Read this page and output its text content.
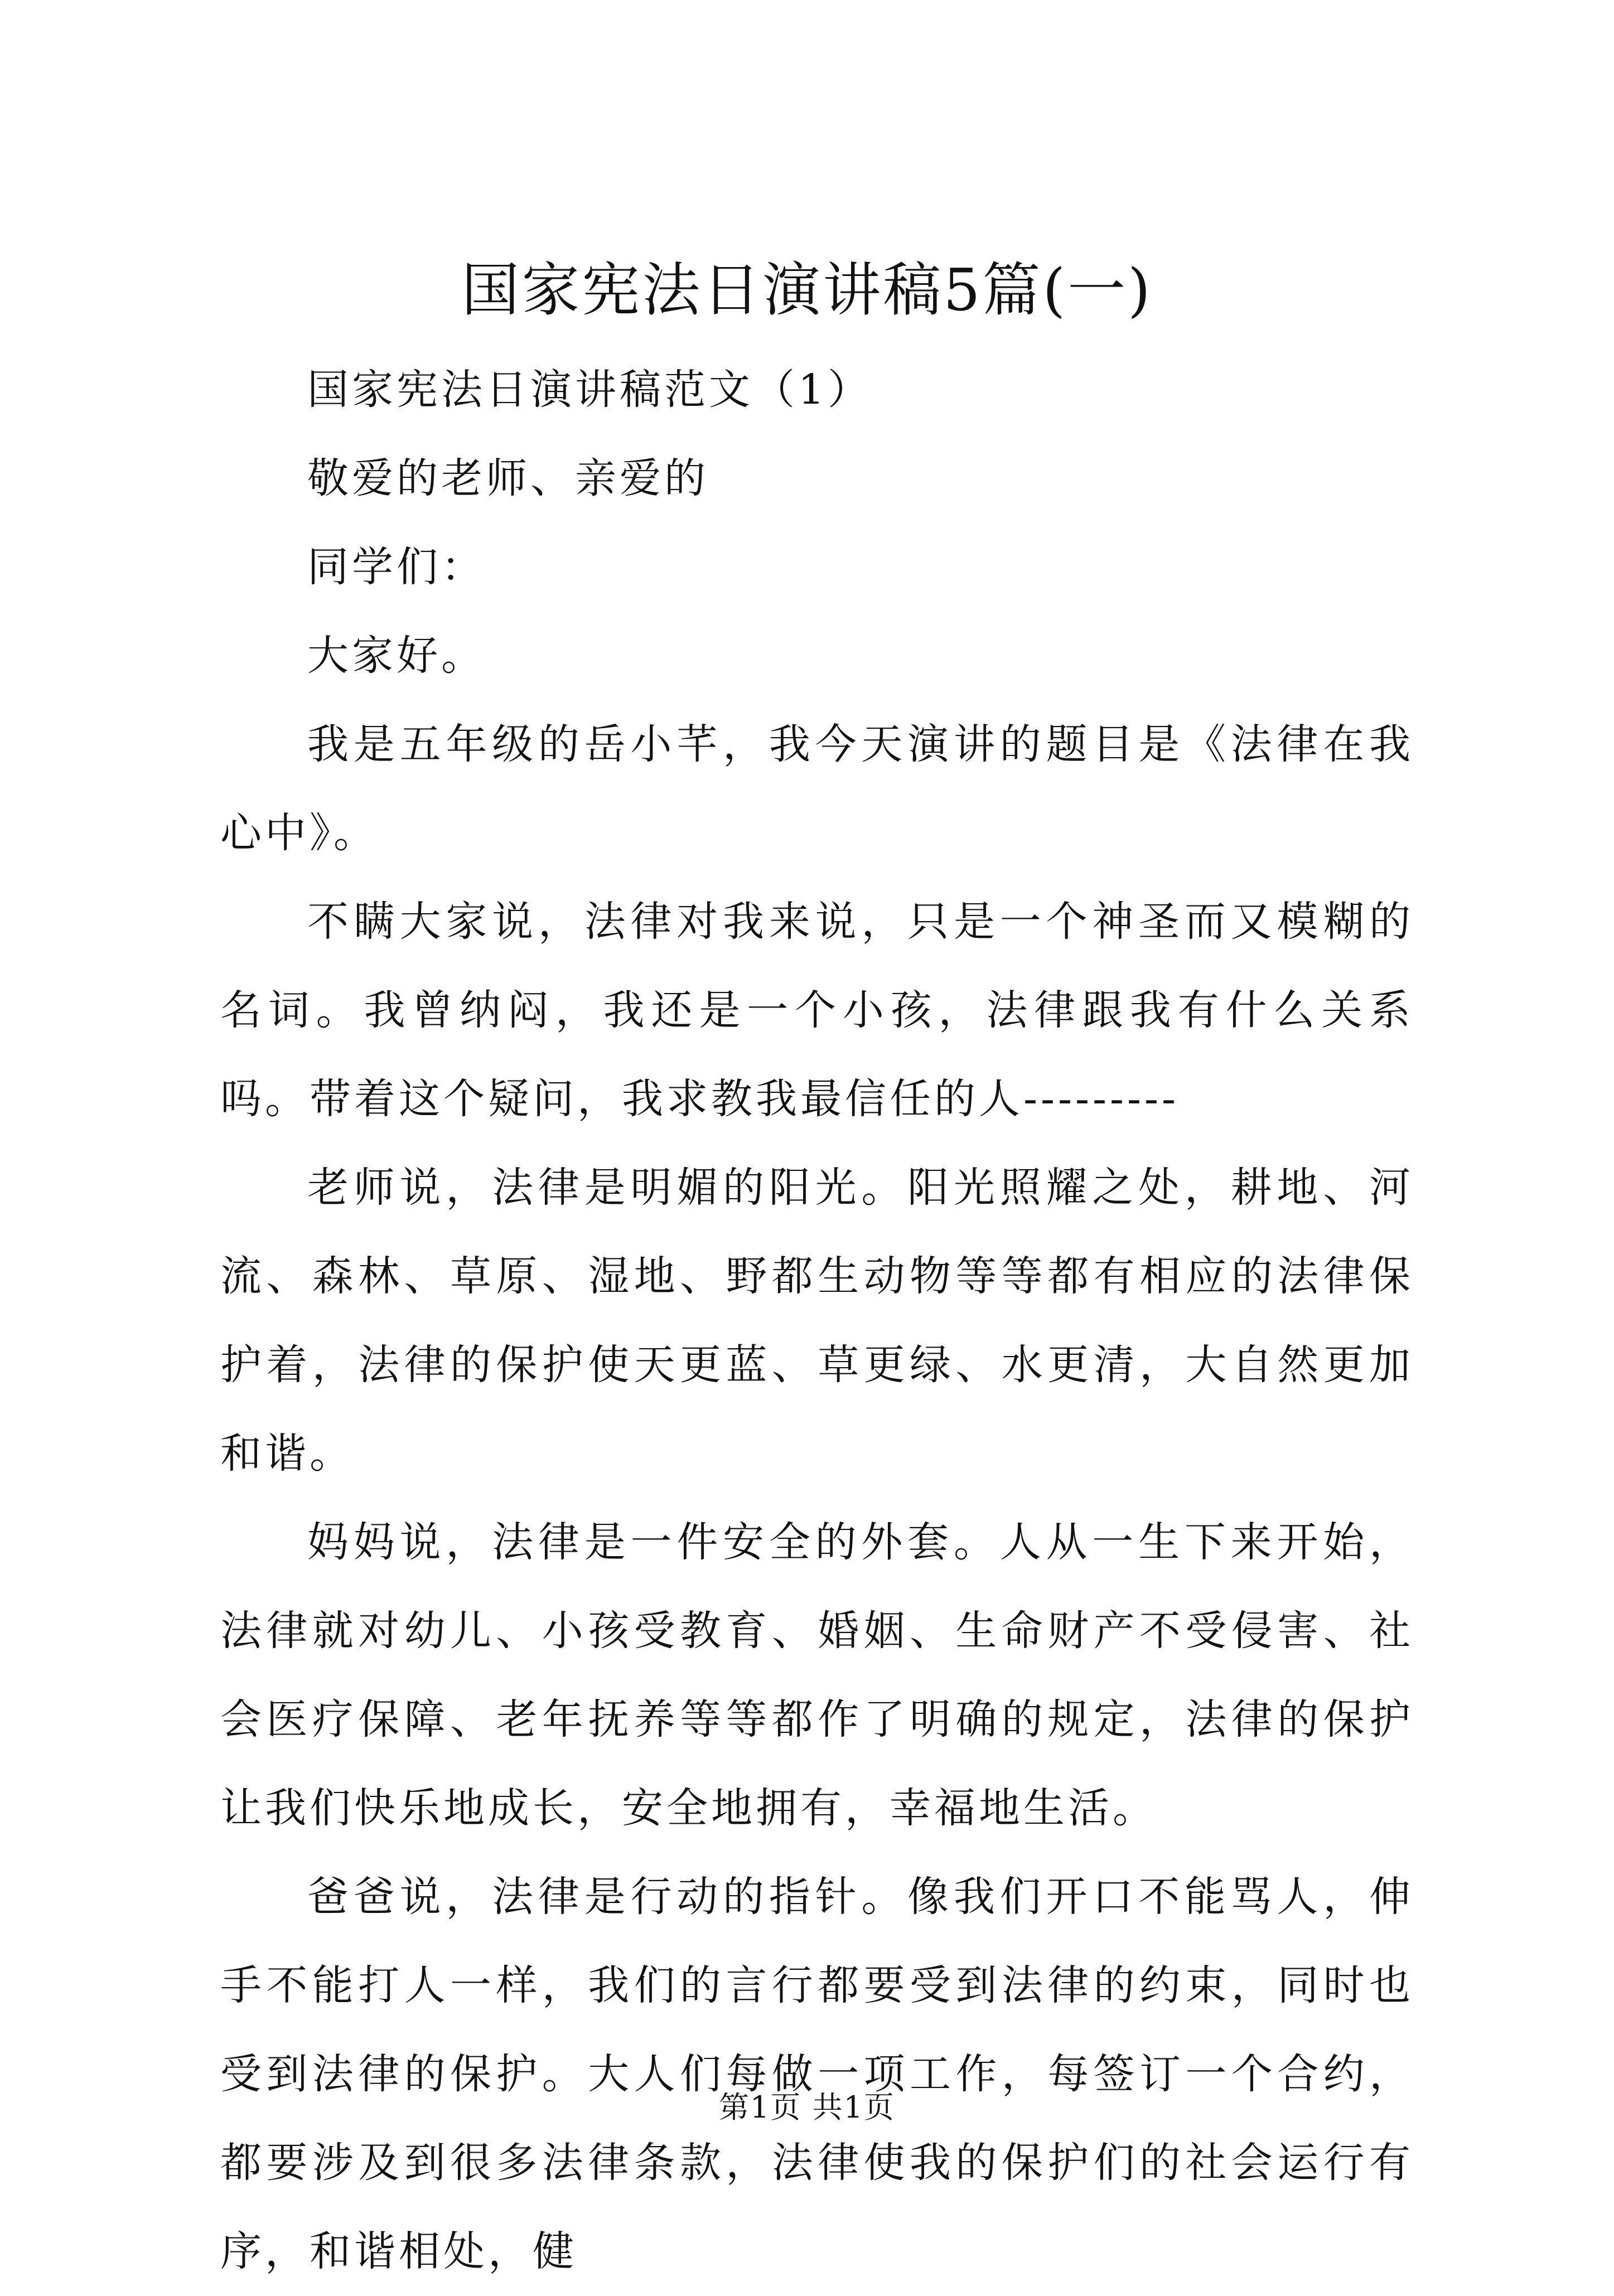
国家宪法日演讲稿5篇(一)

国家宪法日演讲稿范文（1）

敬爱的老师、亲爱的

同学们：

大家好。

我是五年级的岳小芊，我今天演讲的题目是《法律在我心中》。

不瞒大家说，法律对我来说，只是一个神圣而又模糊的名词。我曾纳闷，我还是一个小孩，法律跟我有什么关系吗。带着这个疑问，我求教我最信任的人---------

老师说，法律是明媚的阳光。阳光照耀之处，耕地、河流、森林、草原、湿地、野都生动物等等都有相应的法律保护着，法律的保护使天更蓝、草更绿、水更清，大自然更加和谐。

妈妈说，法律是一件安全的外套。人从一生下来开始，法律就对幼儿、小孩受教育、婚姻、生命财产不受侵害、社会医疗保障、老年抚养等等都作了明确的规定，法律的保护让我们快乐地成长，安全地拥有，幸福地生活。

爸爸说，法律是行动的指针。像我们开口不能骂人，伸手不能打人一样，我们的言行都要受到法律的约束，同时也受到法律的保护。大人们每做一项工作，每签订一个合约，都要涉及到很多法律条款，法律使我的保护们的社会运行有序，和谐相处，健

第1页 共1页
